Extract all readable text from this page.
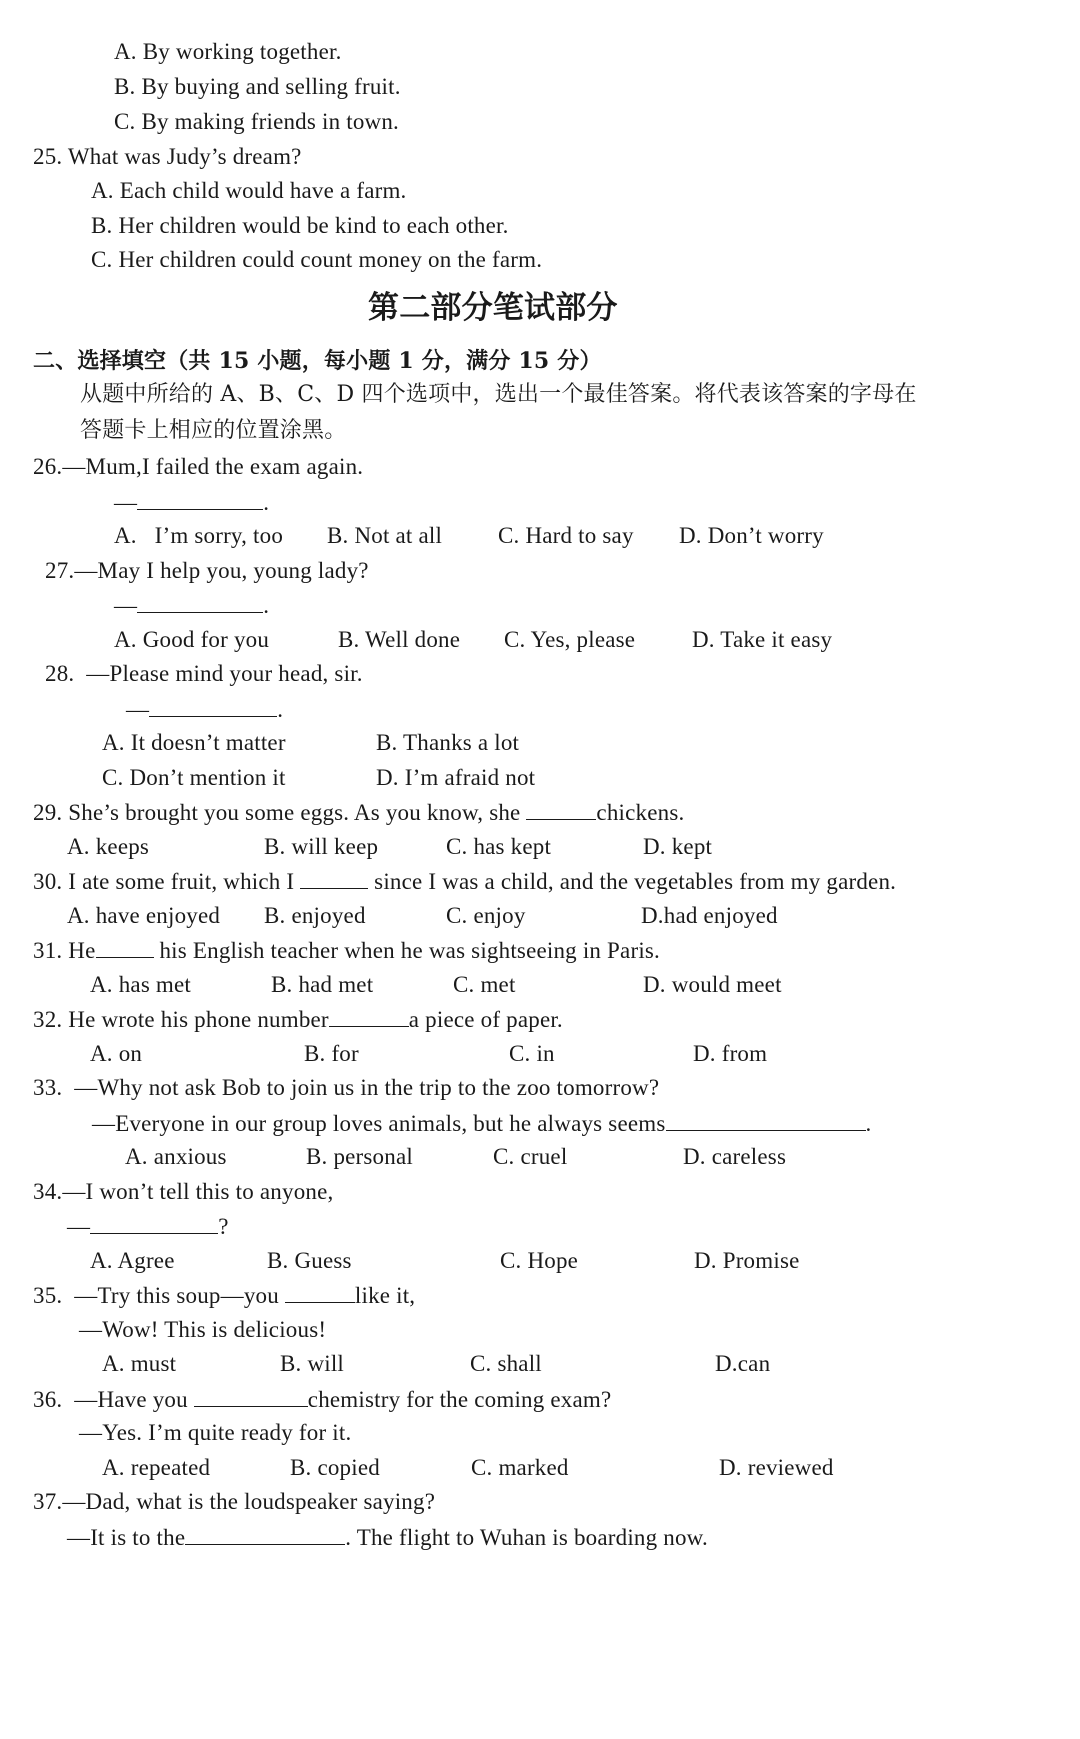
A. By working together.
B. By buying and selling fruit.
C. By making friends in town.
25. What was Judy’s dream?
A. Each child would have a farm.
B. Her children would be kind to each other.
C. Her children could count money on the farm.
第二部分笔试部分
二、选择填空（共 15 小题，每小题 1 分，满分 15 分）
从题中所给的 A、B、C、D 四个选项中，选出一个最佳答案。将代表该答案的字母在
答题卡上相应的位置涂黑。
26.—Mum,I failed the exam again.
—	.
A.   I’m sorry, too B. Not at all C. Hard to say D. Don’t worry
27.—May I help you, young lady?
—	.
A. Good for you	B. Well done C. Yes, please D. Take it easy
28.  —Please mind your head, sir.
—	.
A. It doesn’t matter	B. Thanks a lot
C. Don’t mention it	D. I’m afraid not
29. She’s brought you some eggs. As you know, she	chickens.
A. keeps	B. will keep	C. has kept	D. kept
30. I ate some fruit, which I	since I was a child, and the vegetables from my garden.
A. have enjoyed B. enjoyed	C. enjoy	D.had enjoyed
31. He	his English teacher when he was sightseeing in Paris.
A. has met	B. had met	C. met	D. would meet
32. He wrote his phone number	a piece of paper.
A. on	B. for	C. in	D. from
33.  —Why not ask Bob to join us in the trip to the zoo tomorrow?
—Everyone in our group loves animals, but he always seems	.
A. anxious	B. personal	C. cruel	D. careless
34.—I won’t tell this to anyone,
—	?
A. Agree	B. Guess	C. Hope	D. Promise
35.  —Try this soup—you	like it,
—Wow! This is delicious!
A. must	B. will	C. shall	D.can
36.  —Have you	chemistry for the coming exam?
—Yes. I’m quite ready for it.
A. repeated	B. copied	C. marked	D. reviewed
37.—Dad, what is the loudspeaker saying?
—It is to the	. The flight to Wuhan is boarding now.
